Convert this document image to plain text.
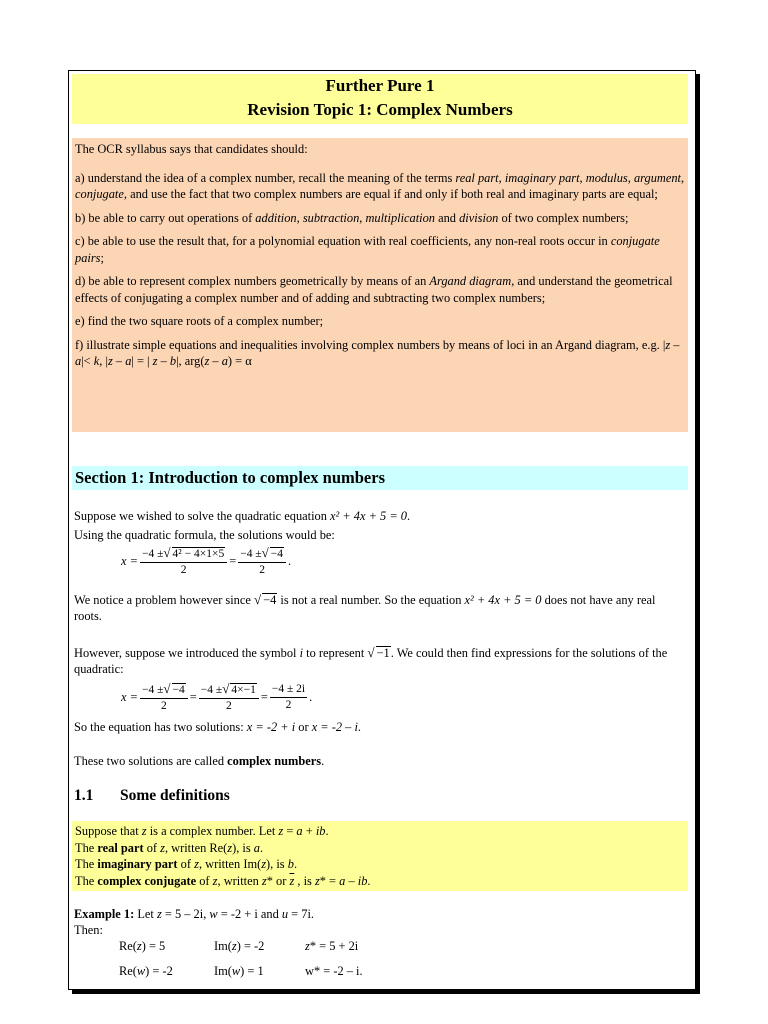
Further Pure 1
Revision Topic 1: Complex Numbers

The OCR syllabus says that candidates should:

a) understand the idea of a complex number, recall the meaning of the terms real part, imaginary part, modulus, argument, conjugate, and use the fact that two complex numbers are equal if and only if both real and imaginary parts are equal;

b) be able to carry out operations of addition, subtraction, multiplication and division of two complex numbers;

c) be able to use the result that, for a polynomial equation with real coefficients, any non-real roots occur in conjugate pairs;

d) be able to represent complex numbers geometrically by means of an Argand diagram, and understand the geometrical effects of conjugating a complex number and of adding and subtracting two complex numbers;

e) find the two square roots of a complex number;

f) illustrate simple equations and inequalities involving complex numbers by means of loci in an Argand diagram, e.g. |z – a|< k, |z – a| = | z – b|, arg(z – a) = α

Section 1: Introduction to complex numbers
Suppose we wished to solve the quadratic equation x² + 4x + 5 = 0.
Using the quadratic formula, the solutions would be:
$x = \frac{\text{−4 ±√ 4² − 4×1×5}}{2} = \frac{-4 \pm√ -4}{2}$ .
We notice a problem however since √ −4 is not a real number. So the equation x² + 4x + 5 = 0 does not have any real roots.
However, suppose we introduced the symbol i to represent √ −1. We could then find expressions for the solutions of the quadratic:
$x = \frac{-4 \pm√ -4}{2} = \frac{-4 \pm√ 4\times-1}{2} = \frac{-4 \pm 2i}{2}$ .
So the equation has two solutions: x = -2 + i or x = -2 – i.
These two solutions are called complex numbers.
1.1 Some definitions
Suppose that z is a complex number. Let z = a + ib.
The real part of z, written Re(z), is a.
The imaginary part of z, written Im(z), is b.
The complex conjugate of z, written z* or $\overline{z}$ , is z* = a – ib.
Example 1: Let z = 5 – 2i, w = -2 + i and u = 7i.
Then:
Re(z) = 5	Im(z) = -2	z* = 5 + 2i
Re(w) = -2	Im(w) = 1	w* = -2 – i.
